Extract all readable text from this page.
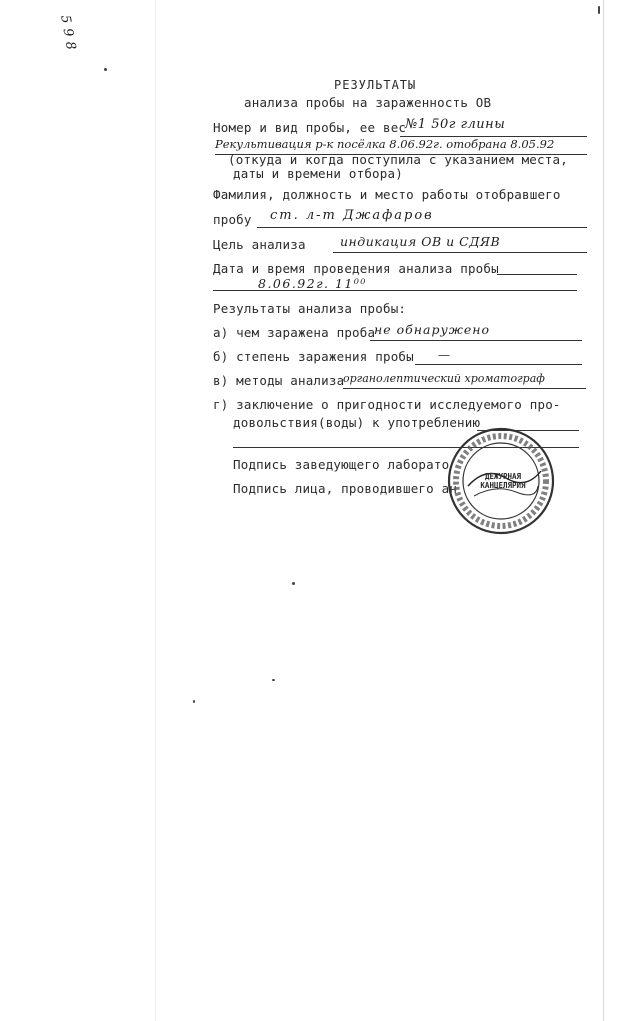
5 9 8
РЕЗУЛЬТАТЫ
анализа пробы на зараженность ОВ
Номер и вид пробы, ее вес
№1 50г глины
Рекультивация р-к посёлка 8.06.92г. отобрана 8.05.92
(откуда и когда поступила с указанием места,
даты и времени отбора)
Фамилия, должность и место работы отобравшего
пробу ст. л-т Джафаров
Цель анализа	индикация ОВ и СДЯВ
Дата и время проведения анализа пробы
8.06.92г. 11⁰⁰
Результаты анализа пробы:
а) чем заражена проба
не обнаружено
б) степень заражения пробы —
в) методы анализа
органолептический хроматограф
г) заключение о пригодности исследуемого про-
довольствия(воды) к употреблению
Подпись заведующего лаборато
Подпись лица, проводившего ан
ДЕЖУРНАЯ КАНЦЕЛЯРИЯ
